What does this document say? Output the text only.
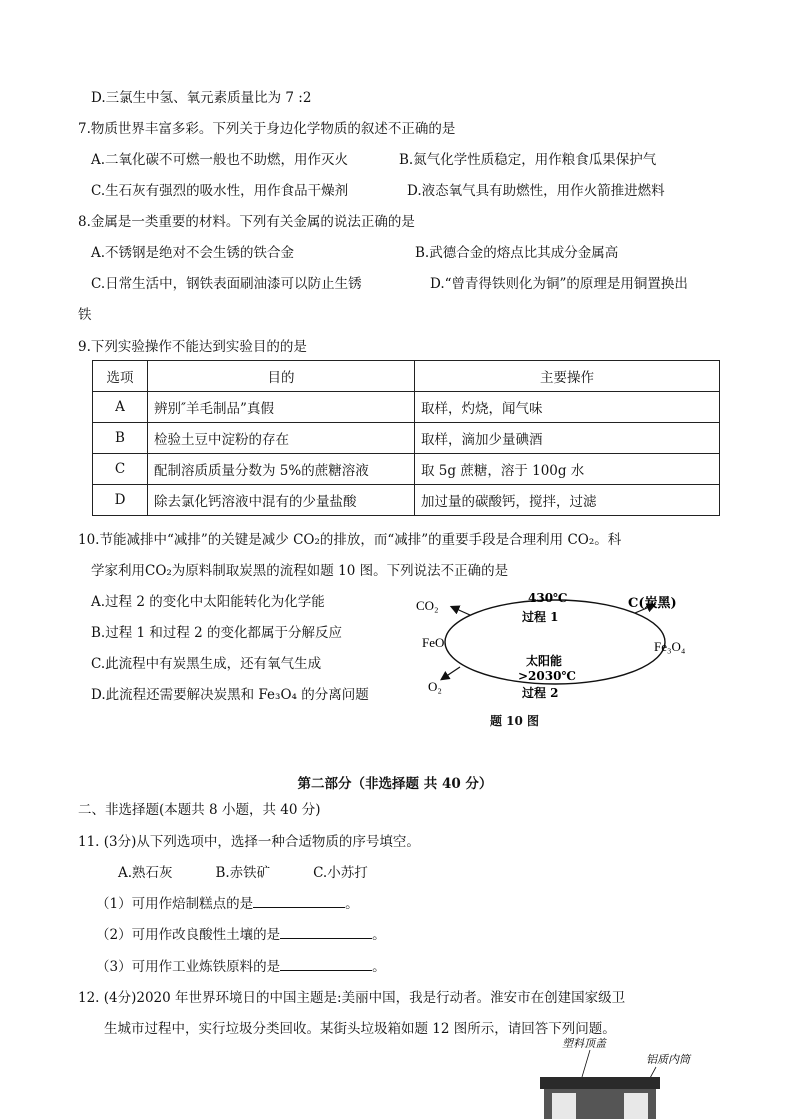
D.三氯生中氢、氧元素质量比为 7 :2
7.物质世界丰富多彩。下列关于身边化学物质的叙述不正确的是
A.二氧化碳不可燃一般也不助燃，用作灭火	B.氮气化学性质稳定，用作粮食瓜果保护气
C.生石灰有强烈的吸水性，用作食品干燥剂	D.液态氧气具有助燃性，用作火箭推进燃料
8.金属是一类重要的材料。下列有关金属的说法正确的是
A.不锈钢是绝对不会生锈的铁合金	B.武德合金的熔点比其成分金属高
C.日常生活中，钢铁表面刷油漆可以防止生锈	D.“曾青得铁则化为铜”的原理是用铜置换出
铁
9.下列实验操作不能达到实验目的的是
选项	目的	主要操作
A	辨别″羊毛制品”真假	取样，灼烧，闻气味
B	检验土豆中淀粉的存在	取样，滴加少量碘酒
C	配制溶质质量分数为 5%的蔗糖溶液	取 5g 蔗糖，溶于 100g 水
D	除去氯化钙溶液中混有的少量盐酸	加过量的碳酸钙，搅拌，过滤
10.节能减排中“减排”的关键是减少 CO₂的排放，而“减排”的重要手段是合理利用 CO₂。科
学家利用CO₂为原料制取炭黑的流程如题 10 图。下列说法不正确的是
A.过程 2 的变化中太阳能转化为化学能
B.过程 1 和过程 2 的变化都属于分解反应
C.此流程中有炭黑生成，还有氧气生成
D.此流程还需要解决炭黑和 Fe₃O₄ 的分离问题
CO₂	430℃
过程 1
C(炭黑)
FeO	Fe₃O₄
太阳能
>2030℃
O₂	过程 2
题 10 图
第二部分（非选择题 共 40 分）
二、非选择题(本题共 8 小题，共 40 分)
11. (3分)从下列选项中，选择一种合适物质的序号填空。
A.熟石灰          B.赤铁矿          C.小苏打
（1）可用作焙制糕点的是	。
（2）可用作改良酸性土壤的是	。
（3）可用作工业炼铁原料的是	。
12. (4分)2020 年世界环境日的中国主题是:美丽中国，我是行动者。淮安市在创建国家级卫
生城市过程中，实行垃圾分类回收。某街头垃圾箱如题 12 图所示，请回答下列问题。
塑料顶盖
铝质内筒
